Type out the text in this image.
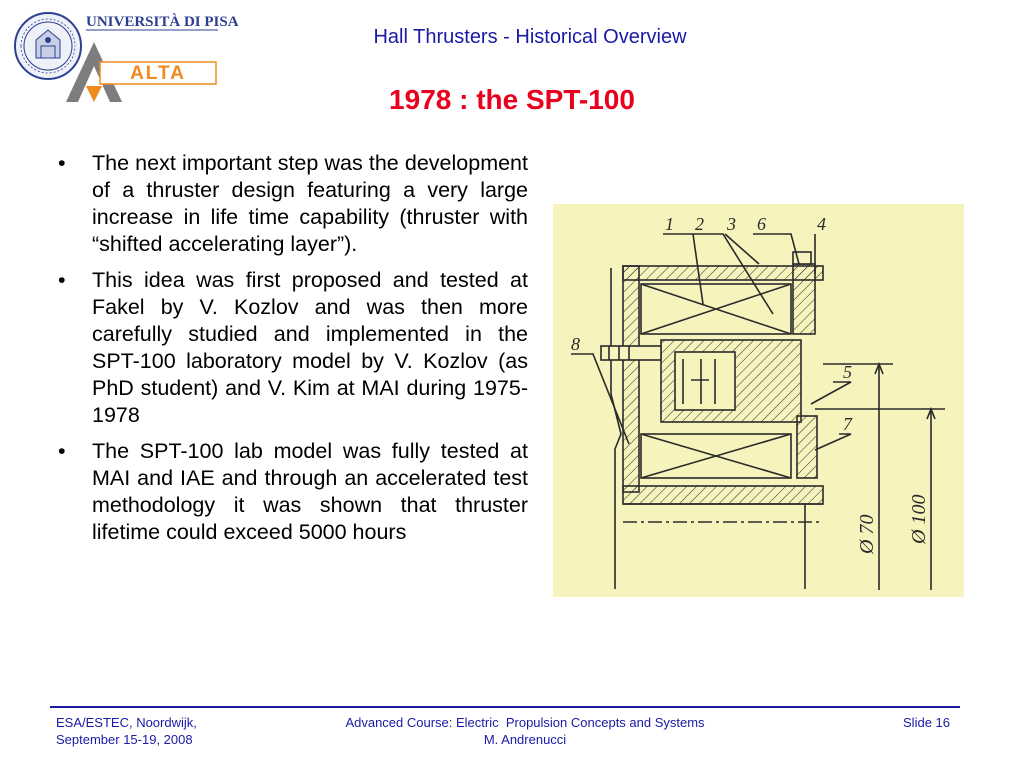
UNIVERSITÀ DI PISA
ALTA
Hall Thrusters - Historical Overview
1978 : the SPT-100
• The next important step was the development of a thruster design featuring a very large increase in life time capability (thruster with “shifted accelerating layer”).
• This idea was first proposed and tested at Fakel by V. Kozlov and was then more carefully studied and implemented in the SPT-100 laboratory model by V. Kozlov (as PhD student) and V. Kim at MAI during 1975-1978
• The SPT-100 lab model was fully tested at MAI and IAE and through an accelerated test methodology it was shown that thruster lifetime could exceed 5000 hours
1 2 3 6	4
8
5
7
Ø 70 Ø 100
ESA/ESTEC, Noordwijk,
September 15-19, 2008
Advanced Course: Electric  Propulsion Concepts and Systems
M. Andrenucci
Slide 16
